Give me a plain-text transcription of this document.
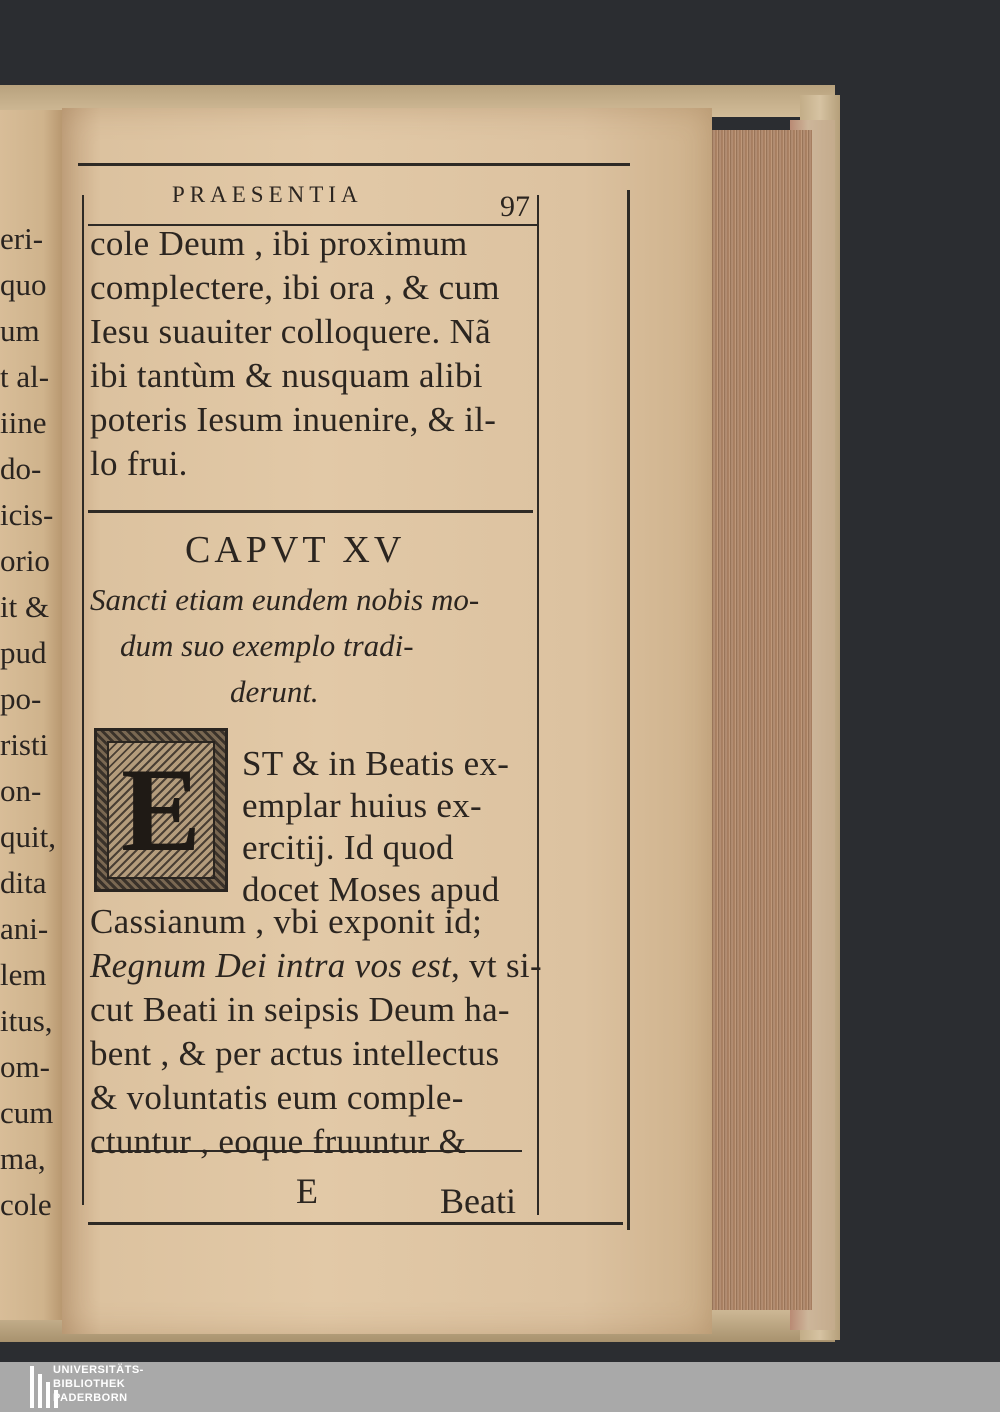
eri-
quo
um
t al-
iine
do-
icis-
orio
it &
pud
po-
risti
on-
quit,
dita
ani-
lem
itus,
om-
cum
ma,
cole
PRAESENTIA	97
cole Deum , ibi proximum
complectere, ibi ora , & cum
Iesu suauiter colloquere. Nã
ibi tantùm & nusquam alibi
poteris Iesum inuenire, & il-
lo frui.
CAPVT XV
Sancti etiam eundem nobis mo-
dum suo exemplo tradi-
derunt.
E	ST & in Beatis ex-
emplar huius ex-
ercitij. Id quod
docet Moses apud
Cassianum , vbi exponit id;
Regnum Dei intra vos est, vt si-
cut Beati in seipsis Deum ha-
bent , & per actus intellectus
& voluntatis eum comple-
ctuntur , eoque fruuntur &
E	Beati
UNIVERSITÄTS-
BIBLIOTHEK
PADERBORN
